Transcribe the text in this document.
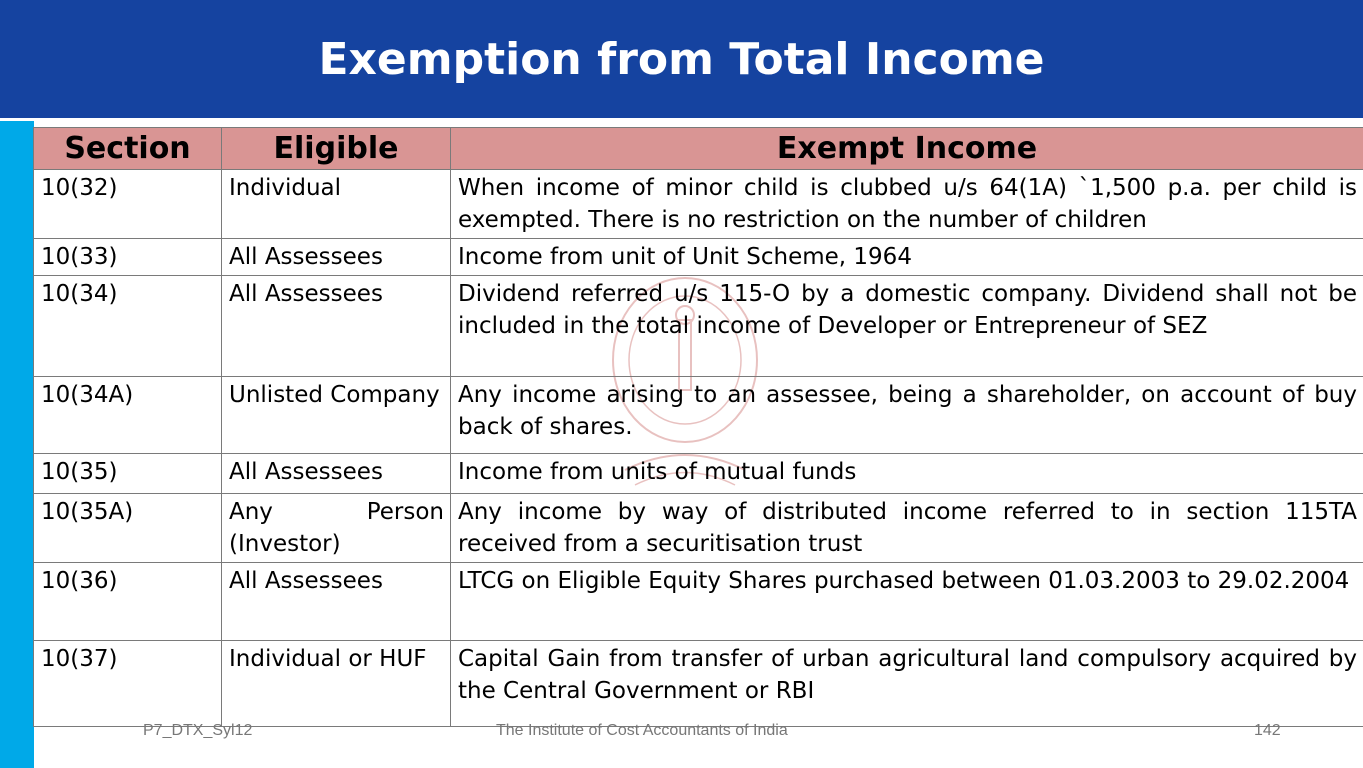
Exemption from Total Income
Section	Eligible	Exempt Income
10(32)	Individual	When income of minor child is clubbed u/s 64(1A) `1,500 p.a. per child is exempted. There is no restriction on the number of children
10(33)	All Assessees	Income from unit of Unit Scheme, 1964
10(34)	All Assessees	Dividend referred u/s 115-O by a domestic company. Dividend shall not be included in the total income of Developer or Entrepreneur of SEZ
10(34A)	Unlisted Company	Any income arising to an assessee, being a shareholder, on account of buy back of shares.
10(35)	All Assessees	Income from units of mutual funds
10(35A)	Any Person (Investor)	Any income by way of distributed income referred to in section 115TA received from a securitisation trust
10(36)	All Assessees	LTCG on Eligible Equity Shares purchased between 01.03.2003 to 29.02.2004
10(37)	Individual or HUF	Capital Gain from transfer of urban agricultural land compulsory acquired by the Central Government or RBI
P7_DTX_Syl12	The Institute of Cost Accountants of India	142
